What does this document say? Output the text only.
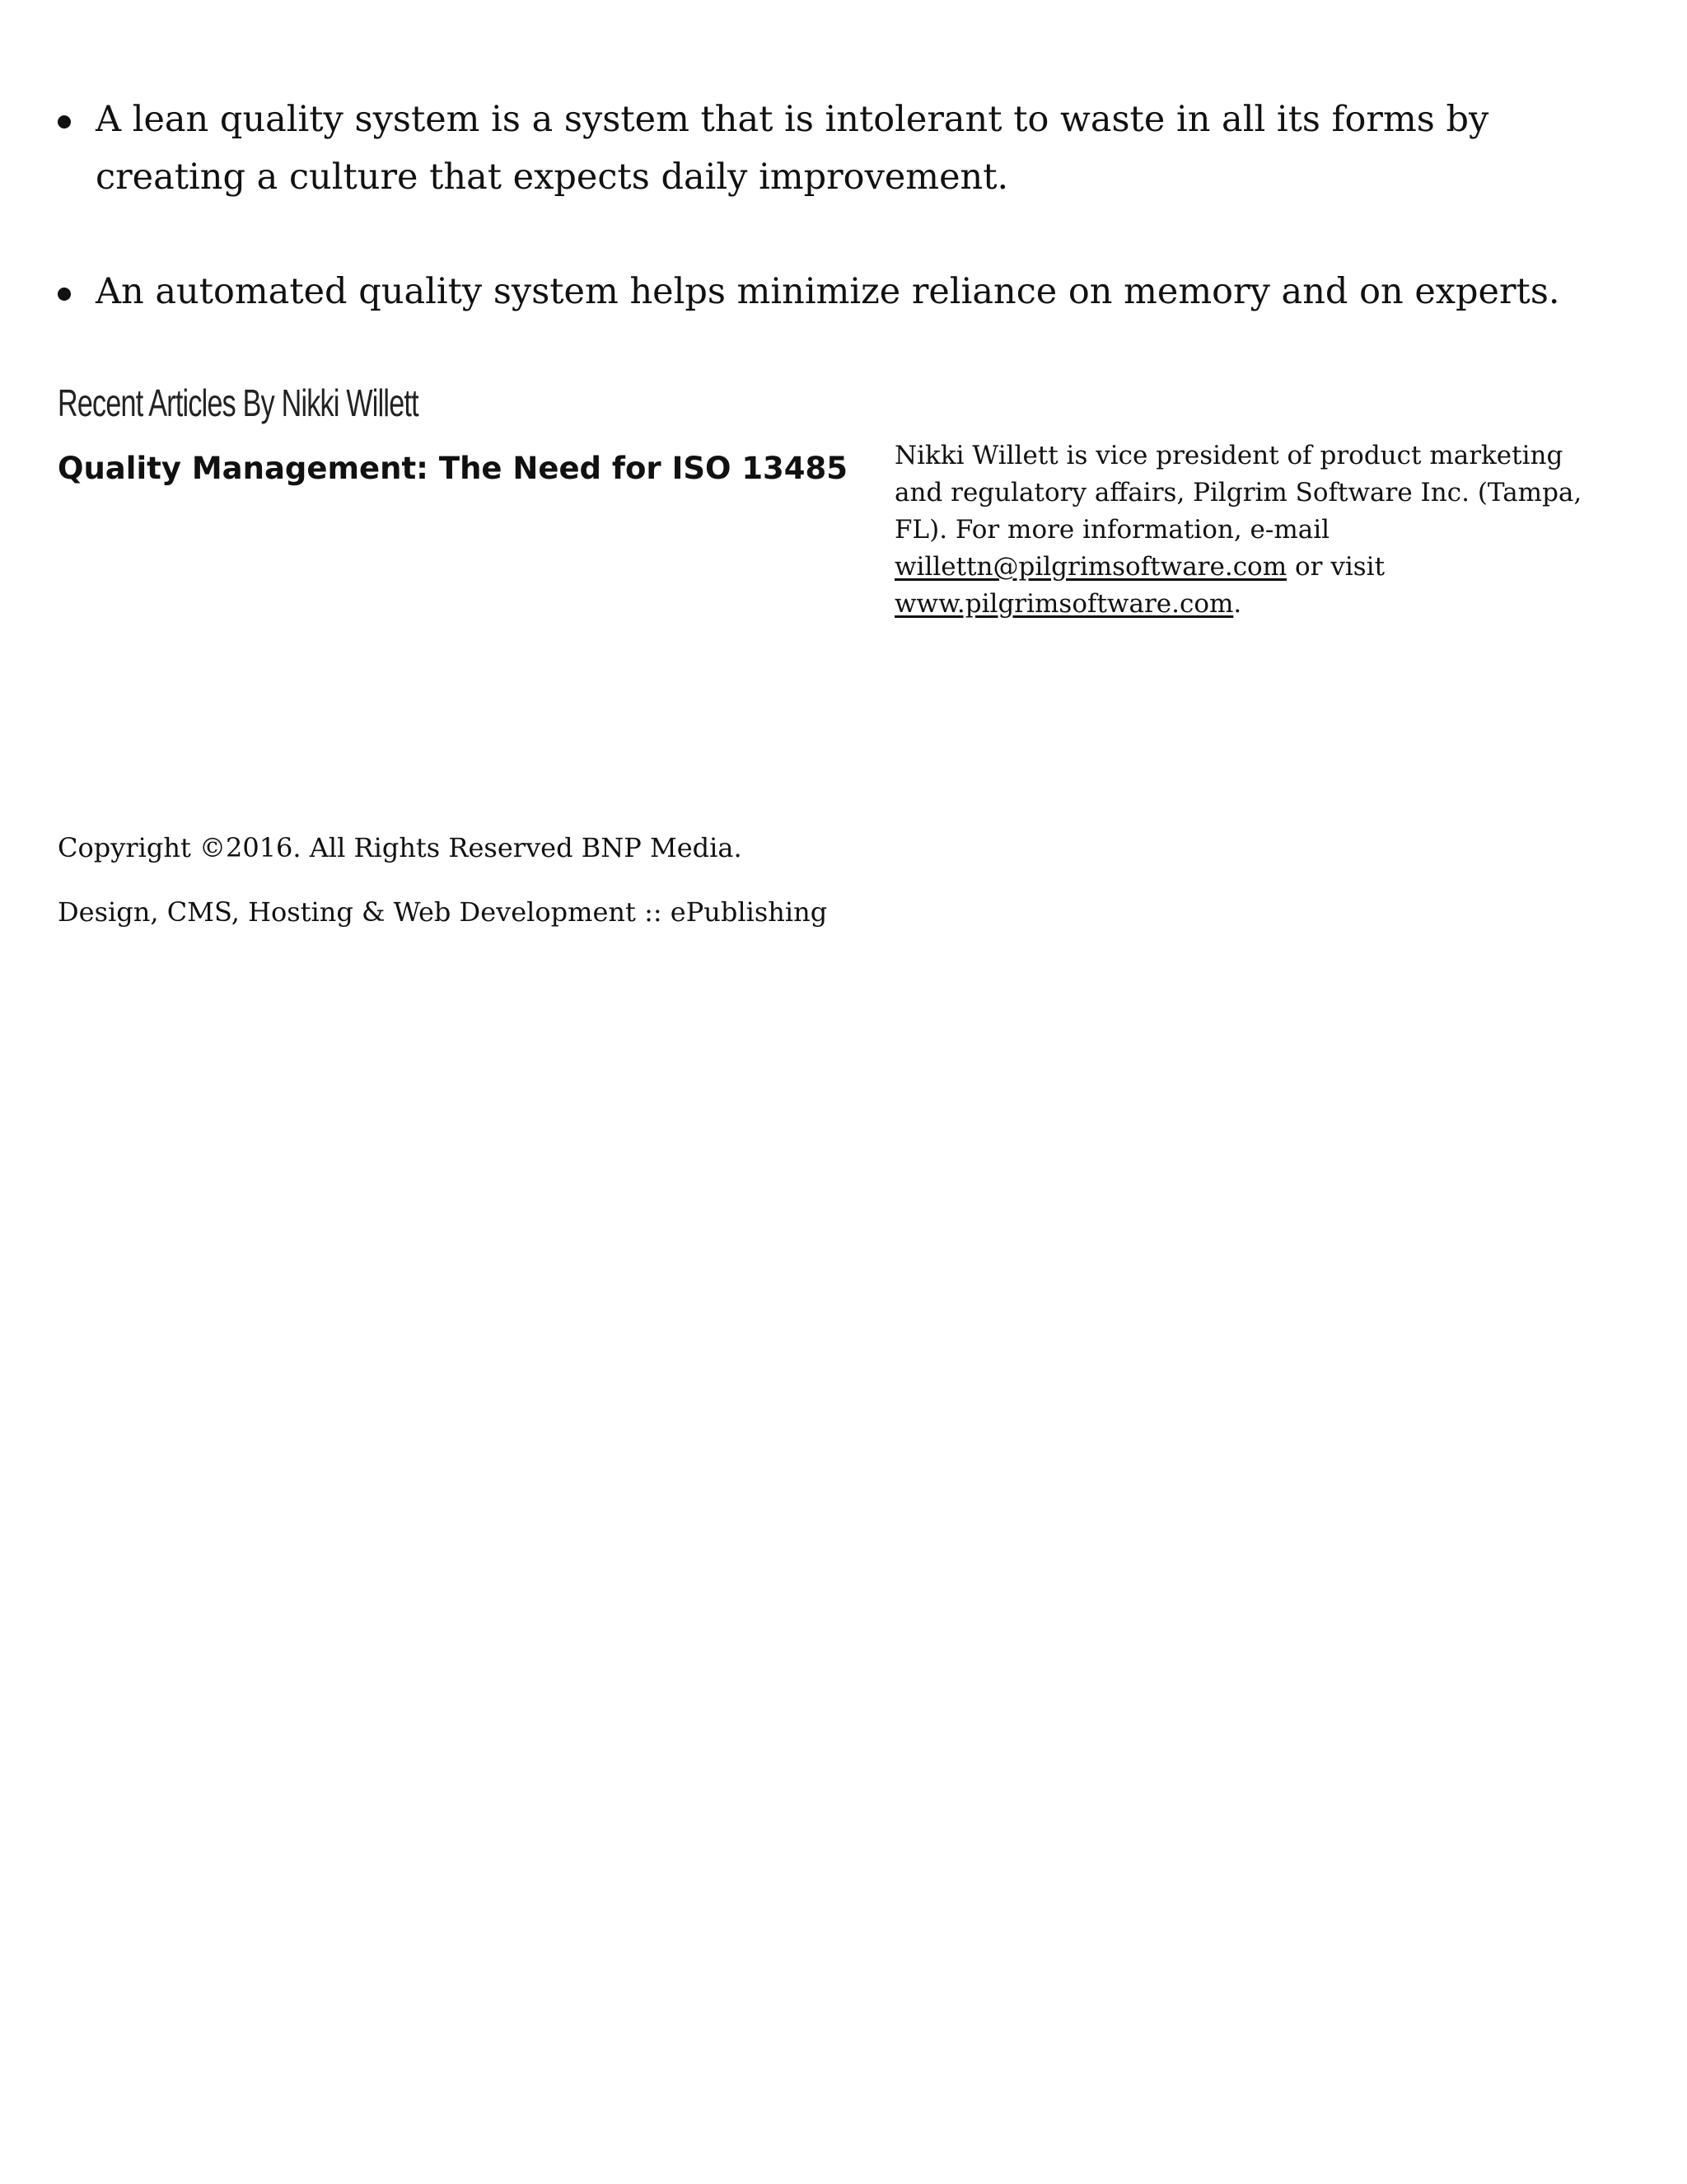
A lean quality system is a system that is intolerant to waste in all its forms by creating a culture that expects daily improvement.
An automated quality system helps minimize reliance on memory and on experts.
Recent Articles By Nikki Willett
Quality Management: The Need for ISO 13485 Nikki Willett is vice president of product marketing and regulatory affairs, Pilgrim Software Inc. (Tampa, FL). For more information, e-mail willettn@pilgrimsoftware.com or visit www.pilgrimsoftware.com.

Copyright ©2016. All Rights Reserved BNP Media.

Design, CMS, Hosting & Web Development :: ePublishing
